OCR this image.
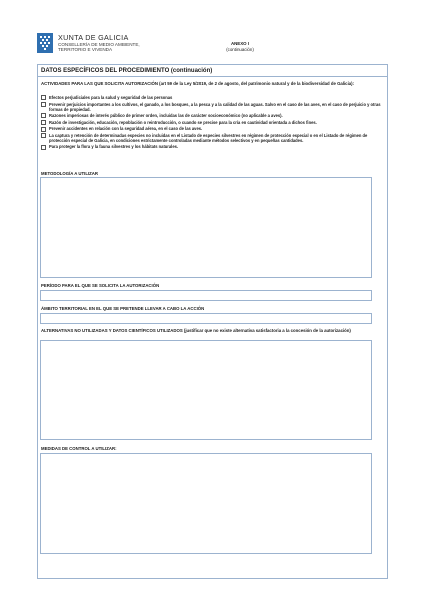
XUNTA DE GALICIA
CONSELLERÍA DE MEDIO AMBIENTE,
TERRITORIO E VIVENDA
ANEXO I
(continuación)
DATOS ESPECÍFICOS DEL PROCEDIMIENTO (continuación)
ACTIVIDADES PARA LAS QUE SOLICITA AUTORIZACIÓN (art 59 de la Ley 5/2019, de 2 de agosto, del patrimonio natural y de la biodiversidad de Galicia):
Efectos perjudiciales para la salud y seguridad de las personas
Prevenir perjuicios importantes a los cultivos, el ganado, a los bosques, a la pesca y a la calidad de las aguas. Salvo en el caso de las aves, en el caso de perjuicio y otras formas de propiedad.
Razones imperiosas de interés público de primer orden, incluidas las de carácter socioeconómico (no aplicable a aves).
Razón de investigación, educación, repoblación o reintroducción, o cuando se precise para la cría en cautividad orientada a dichos fines.
Prevenir accidentes en relación con la seguridad aérea, en el caso de las aves.
La captura y retención de determinadas especies no incluidas en el Listado de especies silvestres en régimen de protección especial o en el Listado de régimen de protección especial de Galicia, en condiciones estrictamente controladas mediante métodos selectivos y en pequeñas cantidades.
Para proteger la flora y la fauna silvestres y los hábitats naturales.
METODOLOGÍA A UTILIZAR
PERÍODO PARA EL QUE SE SOLICITA LA AUTORIZACIÓN
ÁMBITO TERRITORIAL EN EL QUE SE PRETENDE LLEVAR A CABO LA ACCIÓN
ALTERNATIVAS NO UTILIZADAS Y DATOS CIENTÍFICOS UTILIZADOS (justificar que no existe alternativa satisfactoria a la concesión de la autorización)
MEDIDAS DE CONTROL A UTILIZAR:
